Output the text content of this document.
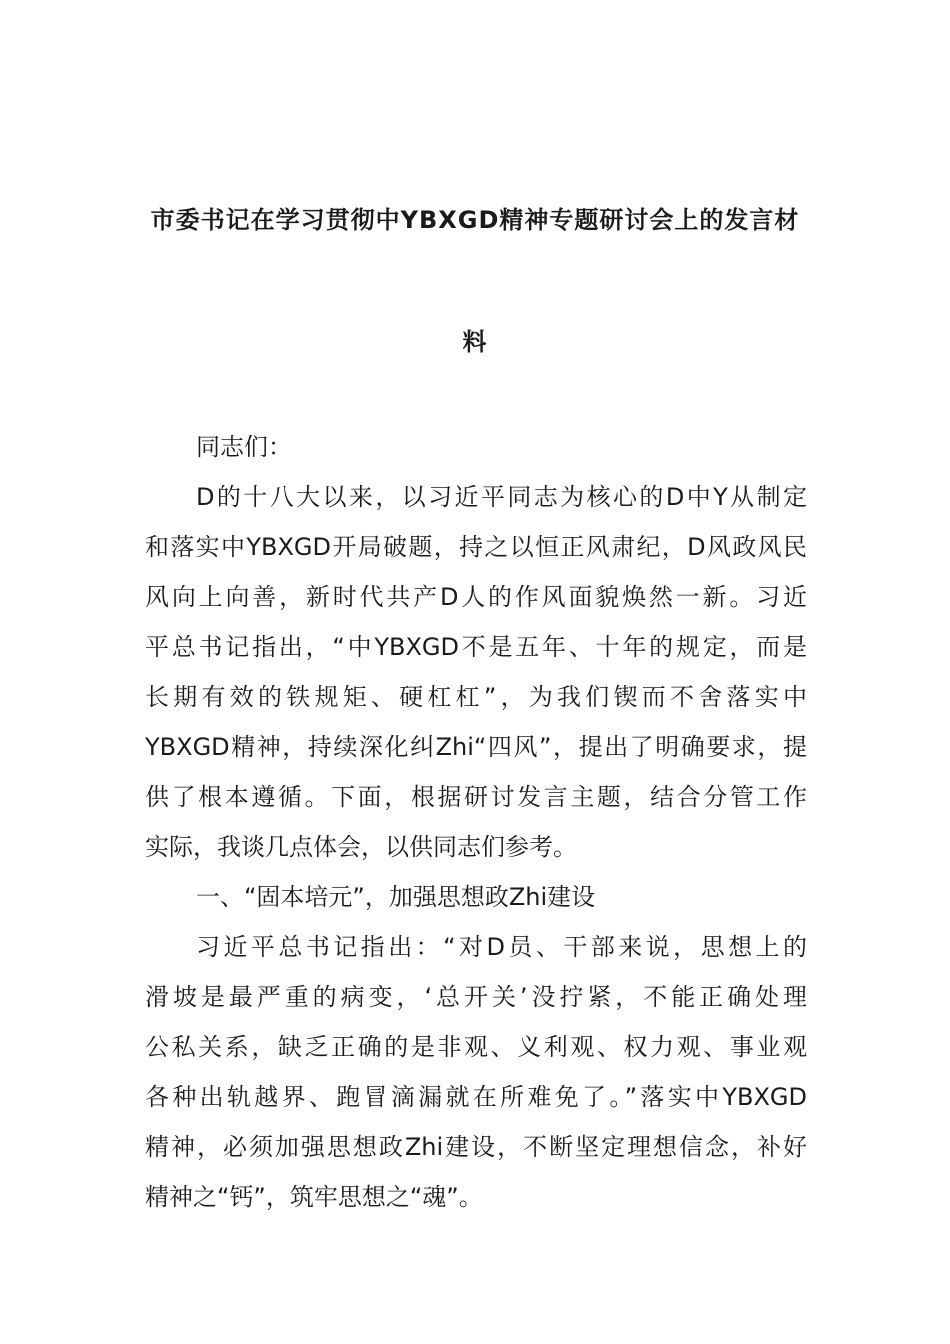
市委书记在学习贯彻中YBXGD精神专题研讨会上的发言材
料
同志们：
D的十八大以来，以习近平同志为核心的D中Y从制定
和落实中YBXGD开局破题，持之以恒正风肃纪，D风政风民
风向上向善，新时代共产D人的作风面貌焕然一新。习近
平总书记指出，“中YBXGD不是五年、十年的规定，而是
长期有效的铁规矩、硬杠杠”，为我们锲而不舍落实中
YBXGD精神，持续深化纠Zhi“四风”，提出了明确要求，提
供了根本遵循。下面，根据研讨发言主题，结合分管工作
实际，我谈几点体会，以供同志们参考。
一、“固本培元”，加强思想政Zhi建设
习近平总书记指出：“对D员、干部来说，思想上的
滑坡是最严重的病变，‘总开关’没拧紧，不能正确处理
公私关系，缺乏正确的是非观、义利观、权力观、事业观
各种出轨越界、跑冒滴漏就在所难免了。”落实中YBXGD
精神，必须加强思想政Zhi建设，不断坚定理想信念，补好
精神之“钙”，筑牢思想之“魂”。
